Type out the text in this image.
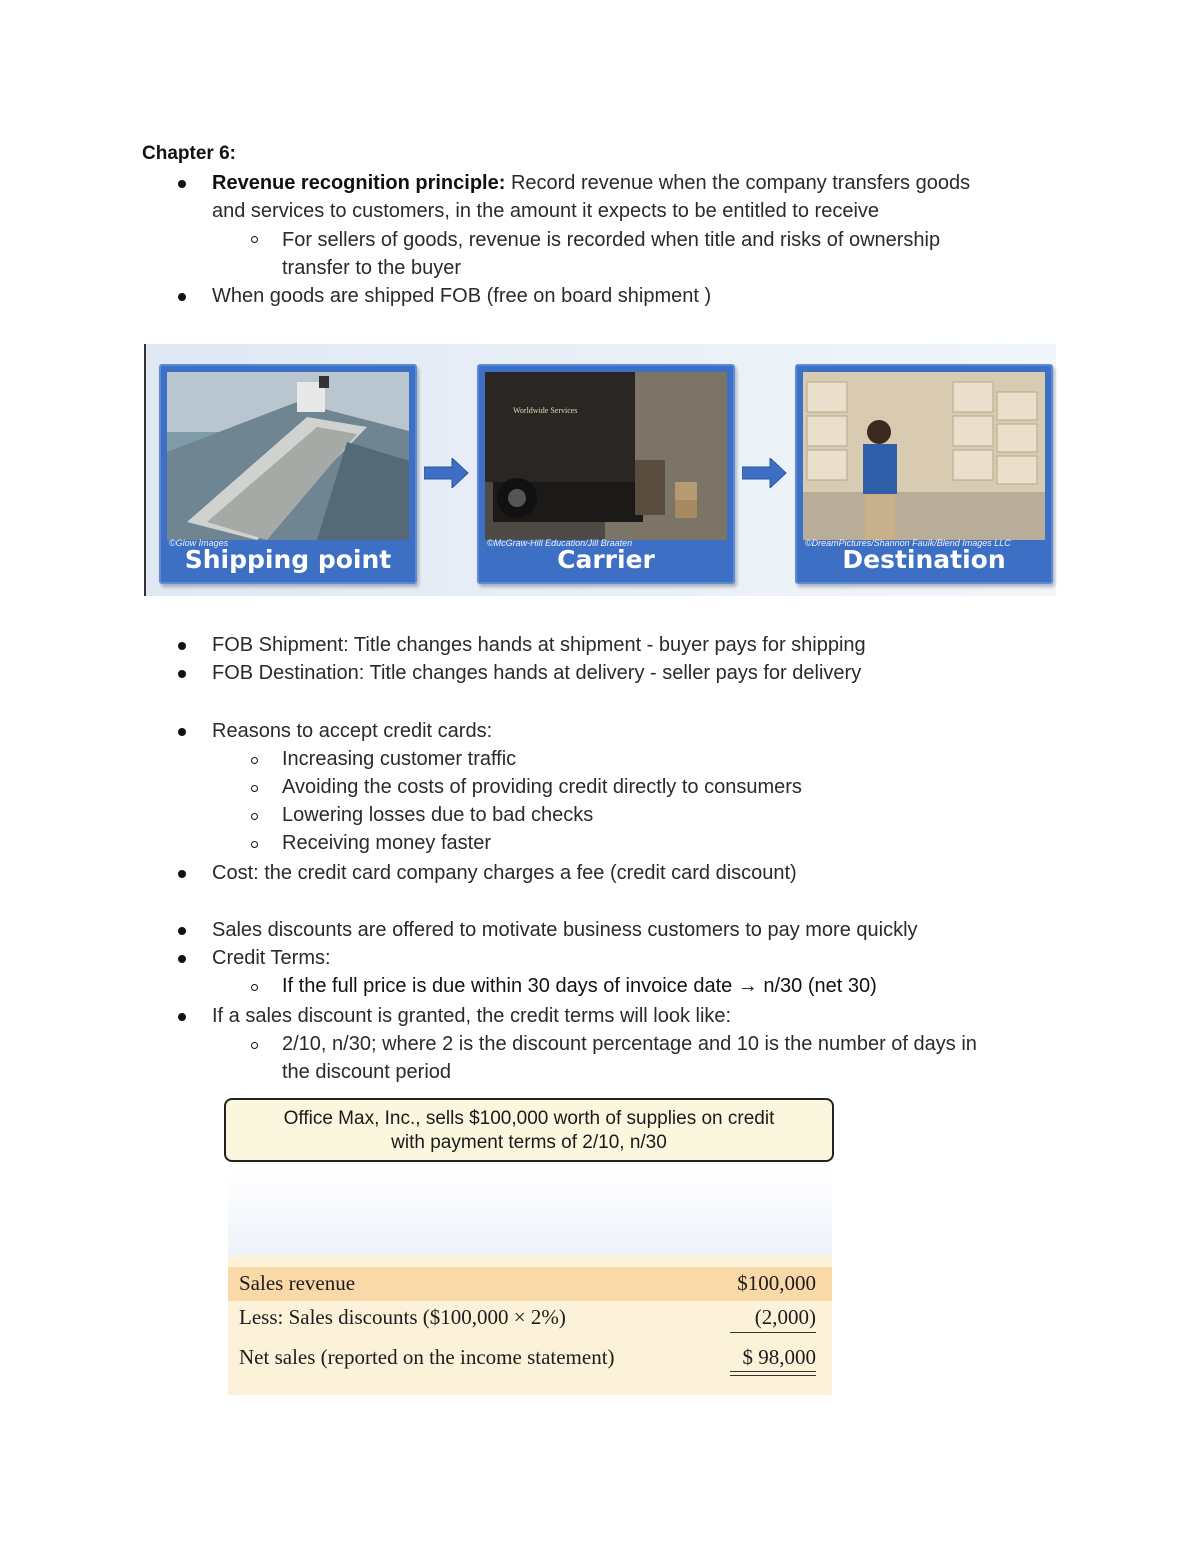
Chapter 6:
Revenue recognition principle: Record revenue when the company transfers goods
and services to customers, in the amount it expects to be entitled to receive
For sellers of goods, revenue is recorded when title and risks of ownership
transfer to the buyer
When goods are shipped FOB (free on board shipment )
©Glow Images
Shipping point
Worldwide Services
©McGraw-Hill Education/Jill Braaten
Carrier
©DreamPictures/Shannon Faulk/Blend Images LLC
Destination
FOB Shipment: Title changes hands at shipment - buyer pays for shipping
FOB Destination: Title changes hands at delivery - seller pays for delivery
Reasons to accept credit cards:
Increasing customer traffic
Avoiding the costs of providing credit directly to consumers
Lowering losses due to bad checks
Receiving money faster
Cost: the credit card company charges a fee (credit card discount)
Sales discounts are offered to motivate business customers to pay more quickly
Credit Terms:
If the full price is due within 30 days of invoice date → n/30 (net 30)
If a sales discount is granted, the credit terms will look like:
2/10, n/30; where 2 is the discount percentage and 10 is the number of days in
the discount period
Office Max, Inc., sells $100,000 worth of supplies on credit
with payment terms of 2/10, n/30
Sales revenue	$100,000
Less: Sales discounts ($100,000 × 2%)	(2,000)
Net sales (reported on the income statement)	$ 98,000
